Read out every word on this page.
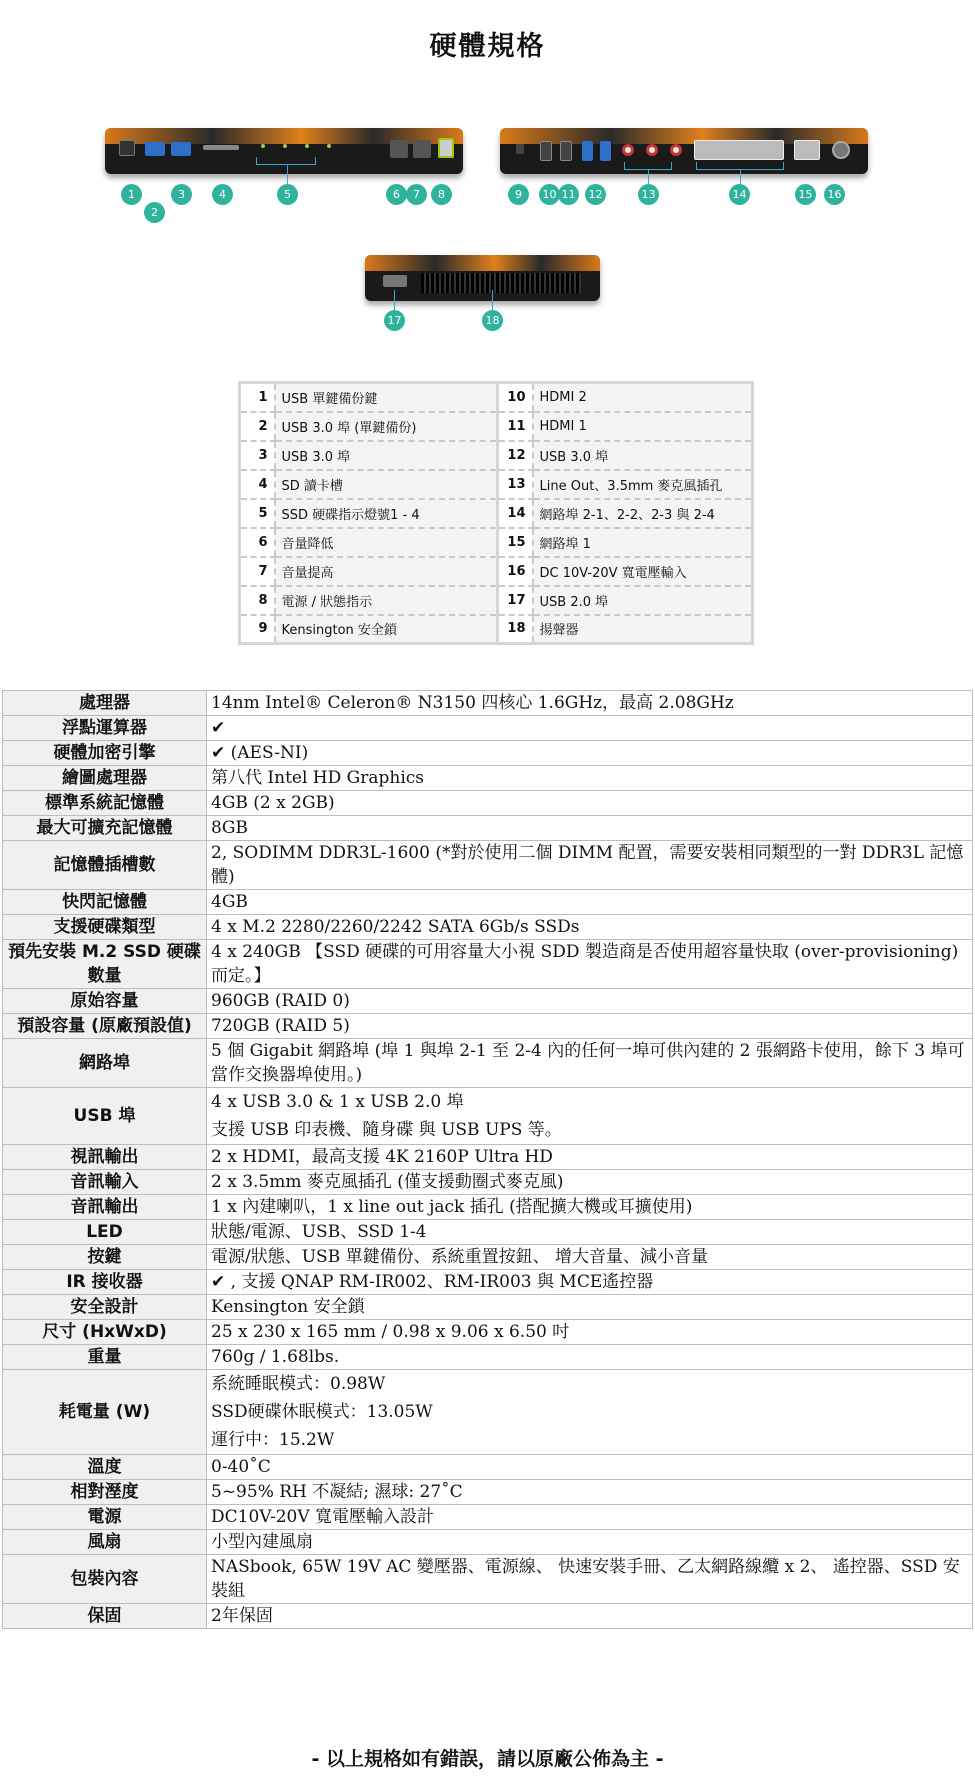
硬體規格
1
2
3	4	5	6	7	8	9	10 11	12	13	14	15	16
17	18
1	USB 單鍵備份鍵	10	HDMI 2
2	USB 3.0 埠 (單鍵備份)	11	HDMI 1
3	USB 3.0 埠	12	USB 3.0 埠
4	SD 讀卡槽	13	Line Out、3.5mm 麥克風插孔
5	SSD 硬碟指示燈號1 - 4	14	網路埠 2-1、2-2、2-3 與 2-4
6	音量降低	15	網路埠 1
7	音量提高	16	DC 10V-20V 寬電壓輸入
8	電源 / 狀態指示	17	USB 2.0 埠
9	Kensington 安全鎖	18	揚聲器
處理器	14nm Intel® Celeron® N3150 四核心 1.6GHz，最高 2.08GHz

浮點運算器	✔

硬體加密引擎	✔ (AES-NI)

繪圖處理器	第八代 Intel HD Graphics

標準系統記憶體	4GB (2 x 2GB)

最大可擴充記憶體	8GB

記憶體插槽數	2, SODIMM DDR3L-1600 (*對於使用二個 DIMM 配置，需要安裝相同類型的一對 DDR3L 記憶體)

快閃記憶體	4GB

支援硬碟類型	4 x M.2 2280/2260/2242 SATA 6Gb/s SSDs

預先安裝 M.2 SSD 硬碟數量	4 x 240GB 【SSD 硬碟的可用容量大小視 SDD 製造商是否使用超容量快取 (over-provisioning) 而定。】

原始容量	960GB (RAID 0)

預設容量 (原廠預設值)	720GB (RAID 5)

網路埠	5 個 Gigabit 網路埠 (埠 1 與埠 2-1 至 2-4 內的任何一埠可供內建的 2 張網路卡使用，餘下 3 埠可當作交換器埠使用。)

USB 埠	4 x USB 3.0 & 1 x USB 2.0 埠
支援 USB 印表機、隨身碟 與 USB UPS 等。

視訊輸出	2 x HDMI，最高支援 4K 2160P Ultra HD

音訊輸入	2 x 3.5mm 麥克風插孔 (僅支援動圈式麥克風)

音訊輸出	1 x 內建喇叭，1 x line out jack 插孔 (搭配擴大機或耳擴使用)

LED	狀態/電源、USB、SSD 1-4

按鍵	電源/狀態、USB 單鍵備份、系統重置按鈕、 增大音量、減小音量

IR 接收器	✔ , 支援 QNAP RM-IR002、RM-IR003 與 MCE遙控器

安全設計	Kensington 安全鎖

尺寸 (HxWxD)	25 x 230 x 165 mm / 0.98 x 9.06 x 6.50 吋

重量	760g / 1.68lbs.

耗電量 (W)	系統睡眠模式：0.98W
SSD硬碟休眠模式：13.05W
運行中：15.2W

溫度	0-40˚C

相對溼度	5~95% RH 不凝結; 濕球: 27˚C

電源	DC10V-20V 寬電壓輸入設計

風扇	小型內建風扇

包裝內容	NASbook, 65W 19V AC 變壓器、電源線、 快速安裝手冊、乙太網路線纜 x 2、 遙控器、SSD 安裝組

保固	2年保固
- 以上規格如有錯誤，請以原廠公佈為主 -
